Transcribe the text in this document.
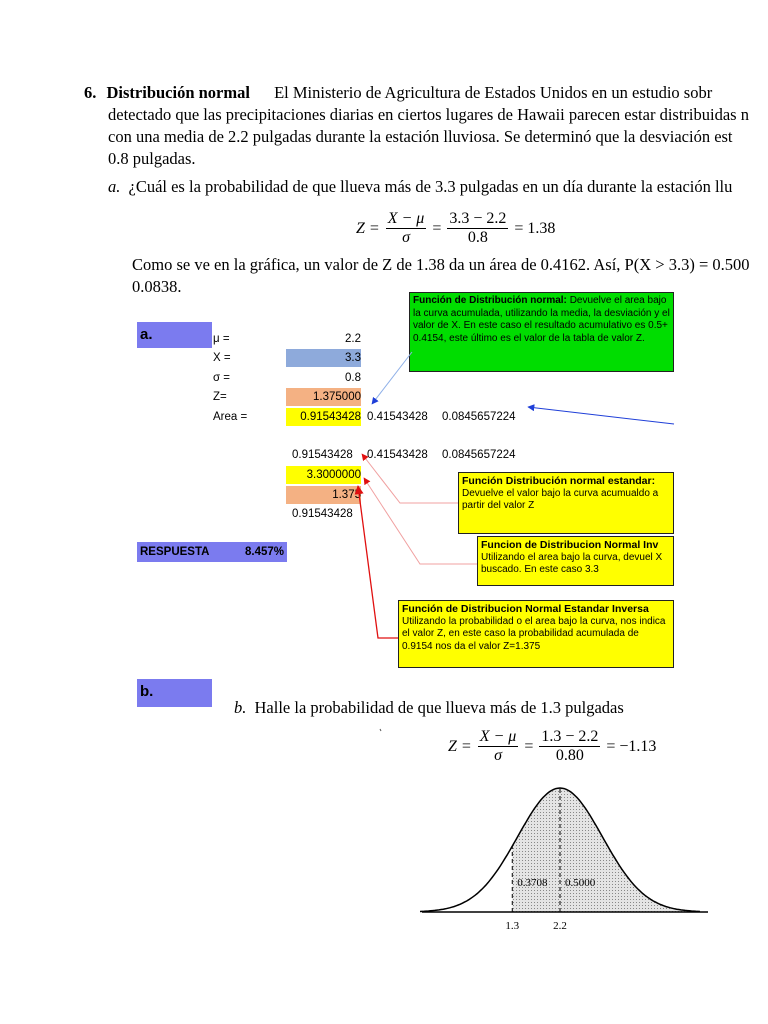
6. Distribución normal El Ministerio de Agricultura de Estados Unidos en un estudio sobr
detectado que las precipitaciones diarias en ciertos lugares de Hawaii parecen estar distribuidas n
con una media de 2.2 pulgadas durante la estación lluviosa. Se determinó que la desviación est
0.8 pulgadas.
a. ¿Cuál es la probabilidad de que llueva más de 3.3 pulgadas en un día durante la estación llu
$Z = \frac{X - \mu}{\sigma} = \frac{3.3 - 2.2}{0.8} = 1.38$
Como se ve en la gráfica, un valor de Z de 1.38 da un área de 0.4162. Así, P(X > 3.3) = 0.500
0.0838.
a.	μ =	2.2
X =	3.3
σ =	0.8
Z=	1.375000
Area =	0.91543428 0.41543428 0.0845657224
0.91543428 0.41543428 0.0845657224
3.3000000
1.375
0.91543428
RESPUESTA	8.457%
b.
Función de Distribución normal: Devuelve el area bajo la curva acumulada, utilizando la media, la desviación y el valor de X. En este caso el resultado acumulativo es 0.5+ 0.4154, este último es el valor de la tabla de valor Z.
Función Distribución normal estandar:
Devuelve el valor bajo la curva acumualdo a partir del valor Z
Funcion de Distribucion Normal Inv
Utilizando el area bajo la curva, devuel X buscado. En este caso 3.3
Función de Distribucion Normal Estandar Inversa
Utilizando la probabilidad o el area bajo la curva, nos indica el valor Z, en este caso la probabilidad acumulada de 0.9154 nos da el valor Z=1.375
b. Halle la probabilidad de que llueva más de 1.3 pulgadas
$Z = \frac{X - \mu}{\sigma} = \frac{1.3 - 2.2}{0.80} = -1.13$
0.3708 0.5000
1.3	2.2
